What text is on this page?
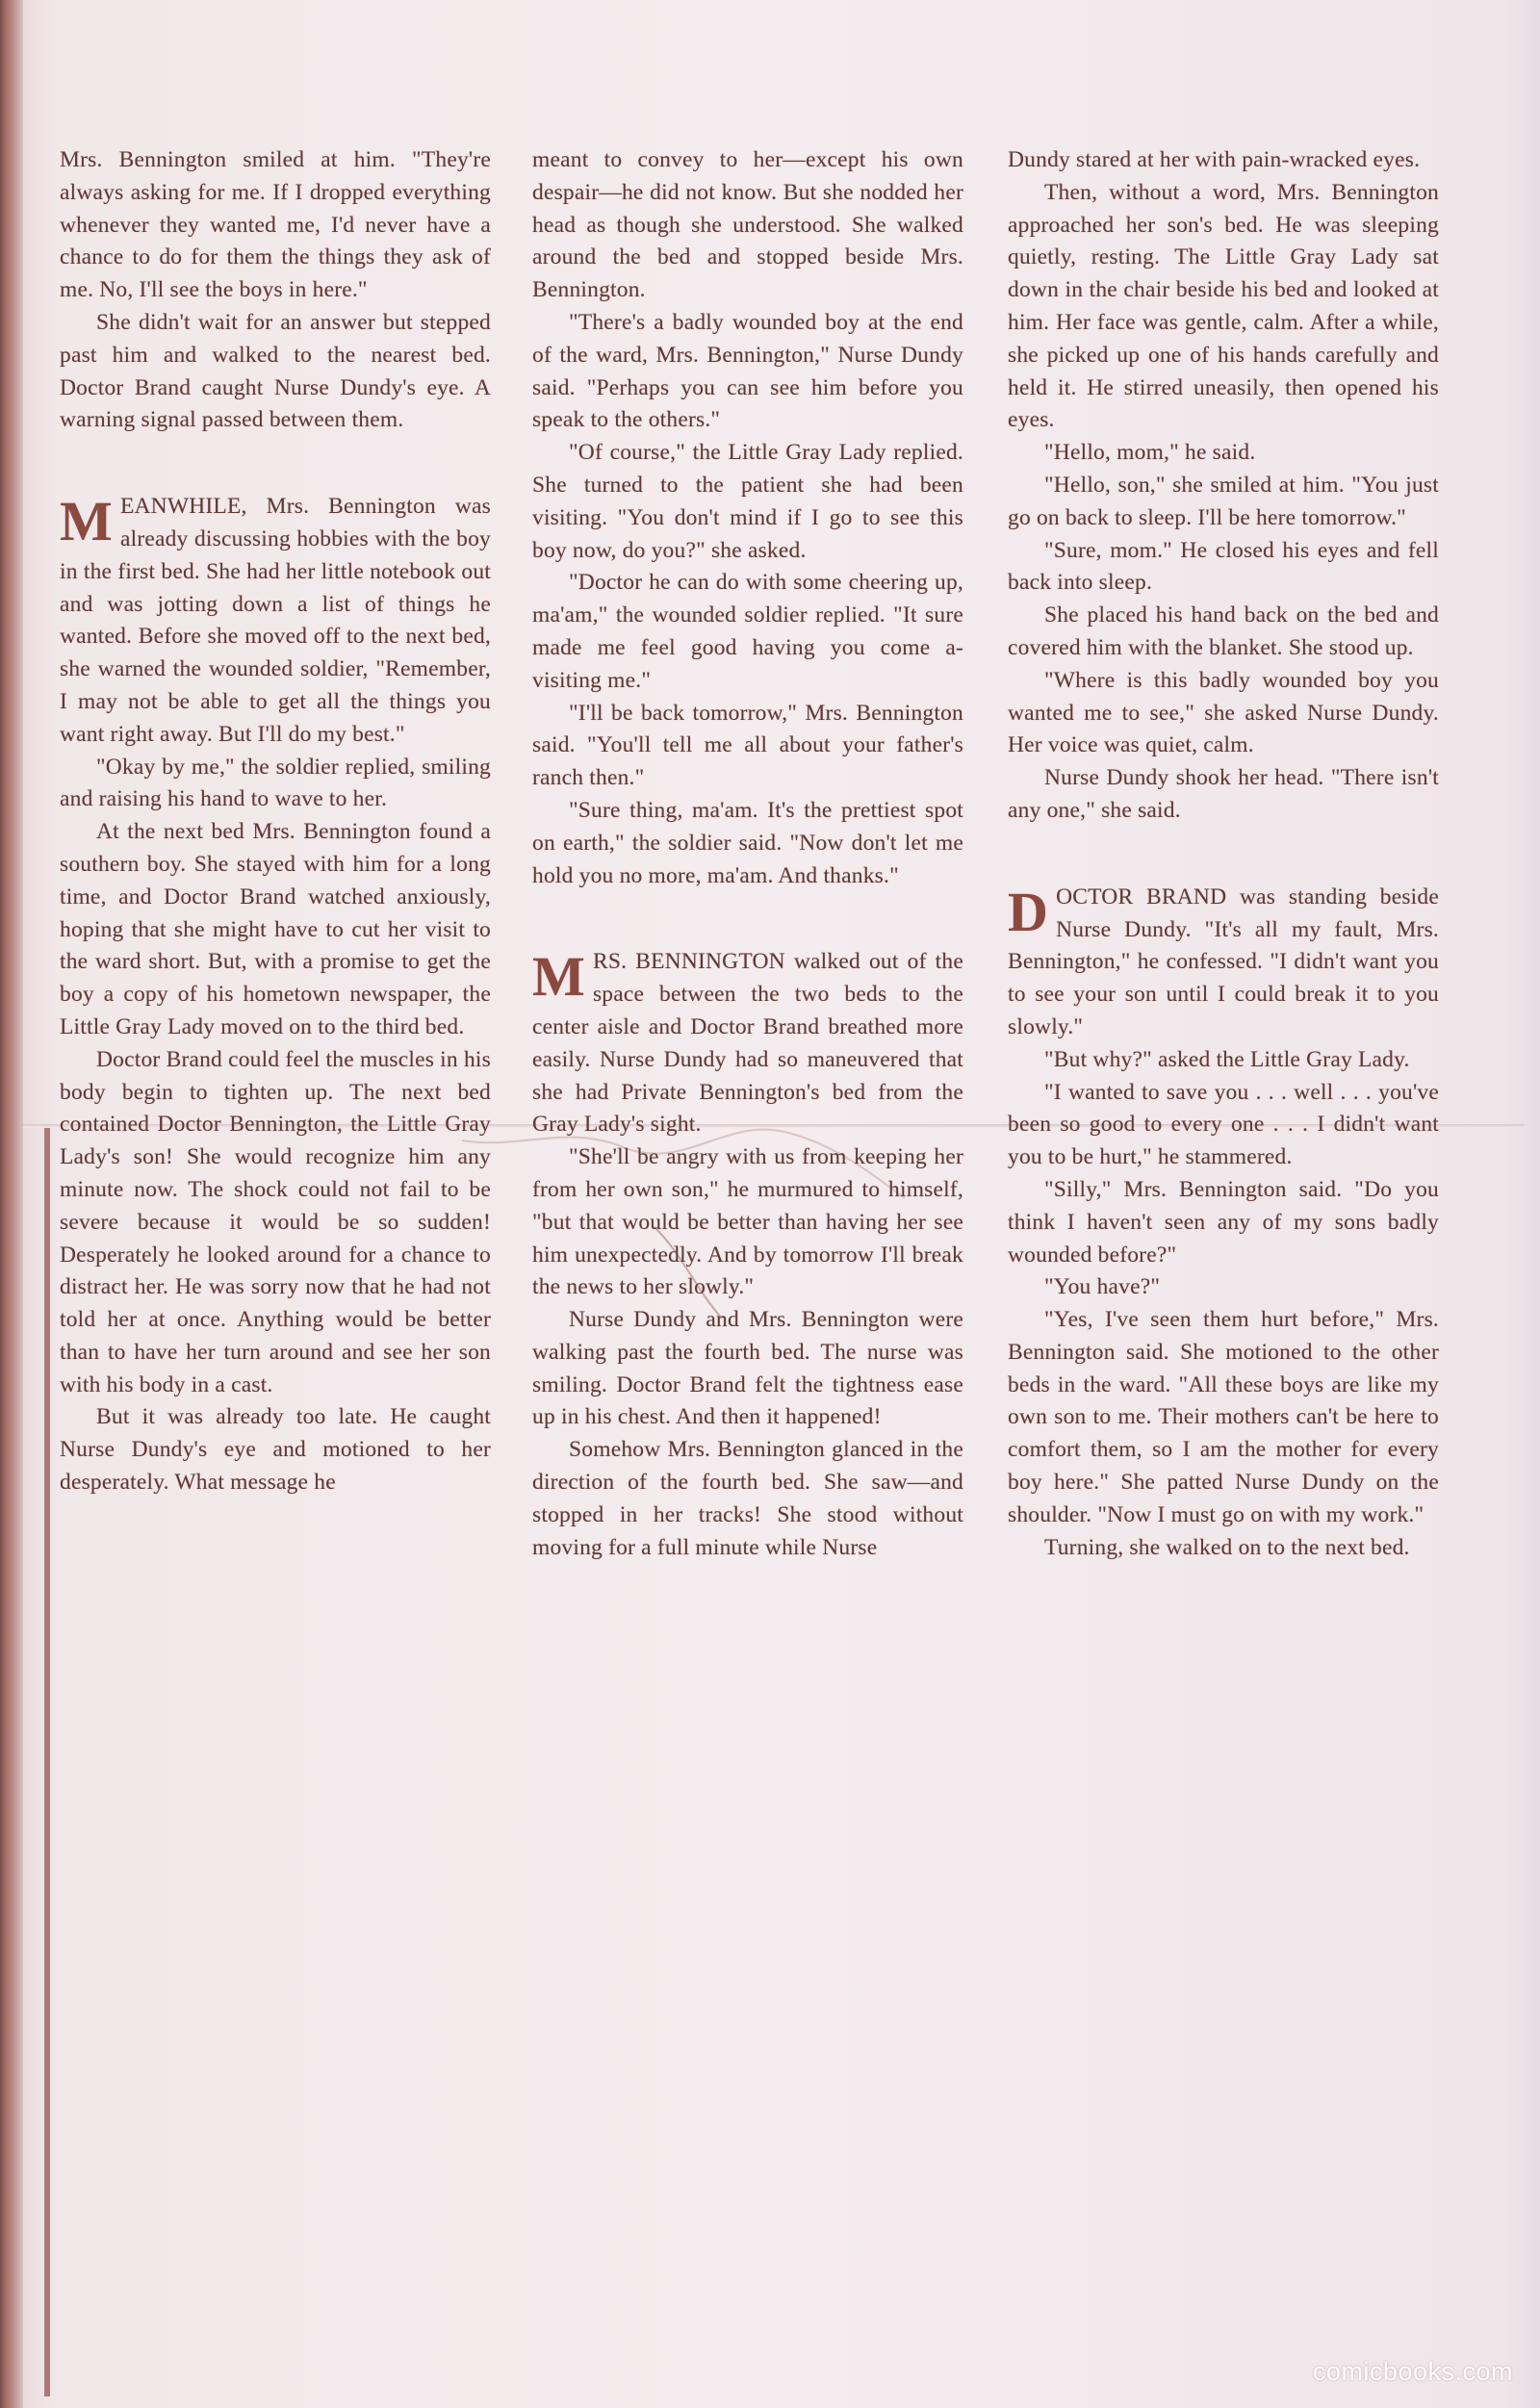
Mrs. Bennington smiled at him. "They're always asking for me. If I dropped everything whenever they wanted me, I'd never have a chance to do for them the things they ask of me. No, I'll see the boys in here."

She didn't wait for an answer but stepped past him and walked to the nearest bed. Doctor Brand caught Nurse Dundy's eye. A warning signal passed between them.

MEANWHILE, Mrs. Bennington was already discussing hobbies with the boy in the first bed. She had her little notebook out and was jotting down a list of things he wanted. Before she moved off to the next bed, she warned the wounded soldier, "Remember, I may not be able to get all the things you want right away. But I'll do my best."

"Okay by me," the soldier replied, smiling and raising his hand to wave to her.

At the next bed Mrs. Bennington found a southern boy. She stayed with him for a long time, and Doctor Brand watched anxiously, hoping that she might have to cut her visit to the ward short. But, with a promise to get the boy a copy of his hometown newspaper, the Little Gray Lady moved on to the third bed.

Doctor Brand could feel the muscles in his body begin to tighten up. The next bed contained Doctor Bennington, the Little Gray Lady's son! She would recognize him any minute now. The shock could not fail to be severe because it would be so sudden! Desperately he looked around for a chance to distract her. He was sorry now that he had not told her at once. Anything would be better than to have her turn around and see her son with his body in a cast.

But it was already too late. He caught Nurse Dundy's eye and motioned to her desperately. What message he

meant to convey to her—except his own despair—he did not know. But she nodded her head as though she understood. She walked around the bed and stopped beside Mrs. Bennington.

"There's a badly wounded boy at the end of the ward, Mrs. Bennington," Nurse Dundy said. "Perhaps you can see him before you speak to the others."

"Of course," the Little Gray Lady replied. She turned to the patient she had been visiting. "You don't mind if I go to see this boy now, do you?" she asked.

"Doctor he can do with some cheering up, ma'am," the wounded soldier replied. "It sure made me feel good having you come a-visiting me."

"I'll be back tomorrow," Mrs. Bennington said. "You'll tell me all about your father's ranch then."

"Sure thing, ma'am. It's the prettiest spot on earth," the soldier said. "Now don't let me hold you no more, ma'am. And thanks."

MRS. BENNINGTON walked out of the space between the two beds to the center aisle and Doctor Brand breathed more easily. Nurse Dundy had so maneuvered that she had Private Bennington's bed from the Gray Lady's sight.

"She'll be angry with us from keeping her from her own son," he murmured to himself, "but that would be better than having her see him unexpectedly. And by tomorrow I'll break the news to her slowly."

Nurse Dundy and Mrs. Bennington were walking past the fourth bed. The nurse was smiling. Doctor Brand felt the tightness ease up in his chest. And then it happened!

Somehow Mrs. Bennington glanced in the direction of the fourth bed. She saw—and stopped in her tracks! She stood without moving for a full minute while Nurse

Dundy stared at her with pain-wracked eyes.

Then, without a word, Mrs. Bennington approached her son's bed. He was sleeping quietly, resting. The Little Gray Lady sat down in the chair beside his bed and looked at him. Her face was gentle, calm. After a while, she picked up one of his hands carefully and held it. He stirred uneasily, then opened his eyes.

"Hello, mom," he said.

"Hello, son," she smiled at him. "You just go on back to sleep. I'll be here tomorrow."

"Sure, mom." He closed his eyes and fell back into sleep.

She placed his hand back on the bed and covered him with the blanket. She stood up.

"Where is this badly wounded boy you wanted me to see," she asked Nurse Dundy. Her voice was quiet, calm.

Nurse Dundy shook her head. "There isn't any one," she said.

DOCTOR BRAND was standing beside Nurse Dundy. "It's all my fault, Mrs. Bennington," he confessed. "I didn't want you to see your son until I could break it to you slowly."

"But why?" asked the Little Gray Lady.

"I wanted to save you . . . well . . . you've been so good to every one . . . I didn't want you to be hurt," he stammered.

"Silly," Mrs. Bennington said. "Do you think I haven't seen any of my sons badly wounded before?"

"You have?"

"Yes, I've seen them hurt before," Mrs. Bennington said. She motioned to the other beds in the ward. "All these boys are like my own son to me. Their mothers can't be here to comfort them, so I am the mother for every boy here." She patted Nurse Dundy on the shoulder. "Now I must go on with my work."

Turning, she walked on to the next bed.

comicbooks.com
